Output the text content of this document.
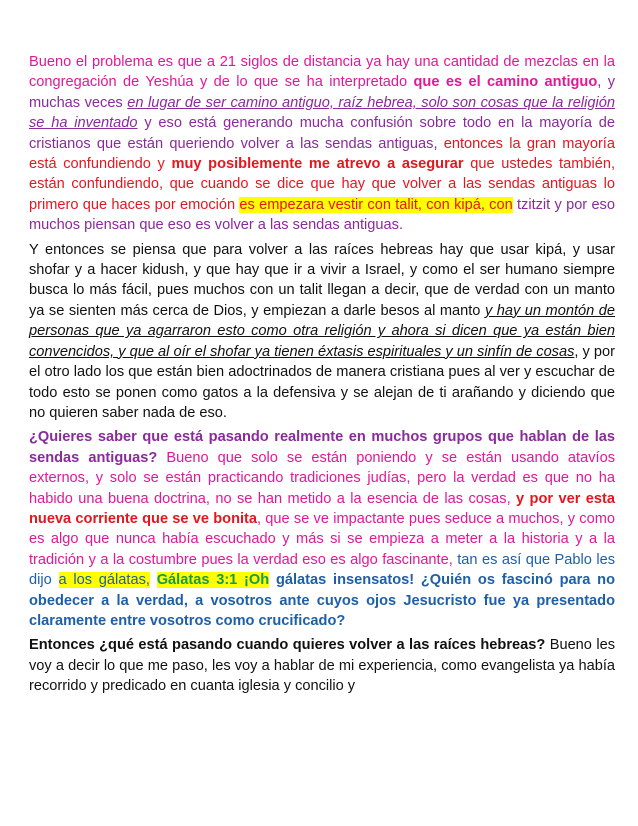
Bueno el problema es que a 21 siglos de distancia ya hay una cantidad de mezclas en la congregación de Yeshúa y de lo que se ha interpretado que es el camino antiguo, y muchas veces en lugar de ser camino antiguo, raíz hebrea, solo son cosas que la religión se ha inventado y eso está generando mucha confusión sobre todo en la mayoría de cristianos que están queriendo volver a las sendas antiguas, entonces la gran mayoría está confundiendo y muy posiblemente me atrevo a asegurar que ustedes también, están confundiendo, que cuando se dice que hay que volver a las sendas antiguas lo primero que haces por emoción es empezara vestir con talit, con kipá, con tzitzit y por eso muchos piensan que eso es volver a las sendas antiguas.

Y entonces se piensa que para volver a las raíces hebreas hay que usar kipá, y usar shofar y a hacer kidush, y que hay que ir a vivir a Israel, y como el ser humano siempre busca lo más fácil, pues muchos con un talit llegan a decir, que de verdad con un manto ya se sienten más cerca de Dios, y empiezan a darle besos al manto y hay un montón de personas que ya agarraron esto como otra religión y ahora si dicen que ya están bien convencidos, y que al oír el shofar ya tienen éxtasis espirituales y un sinfín de cosas, y por el otro lado los que están bien adoctrinados de manera cristiana pues al ver y escuchar de todo esto se ponen como gatos a la defensiva y se alejan de ti arañando y diciendo que no quieren saber nada de eso.

¿Quieres saber que está pasando realmente en muchos grupos que hablan de las sendas antiguas? Bueno que solo se están poniendo y se están usando atavíos externos, y solo se están practicando tradiciones judías, pero la verdad es que no ha habido una buena doctrina, no se han metido a la esencia de las cosas, y por ver esta nueva corriente que se ve bonita, que se ve impactante pues seduce a muchos, y como es algo que nunca había escuchado y más si se empieza a meter a la historia y a la tradición y a la costumbre pues la verdad eso es algo fascinante, tan es así que Pablo les dijo a los gálatas, Gálatas 3:1 ¡Oh gálatas insensatos! ¿Quién os fascinó para no obedecer a la verdad, a vosotros ante cuyos ojos Jesucristo fue ya presentado claramente entre vosotros como crucificado?

Entonces ¿qué está pasando cuando quieres volver a las raíces hebreas? Bueno les voy a decir lo que me paso, les voy a hablar de mi experiencia, como evangelista ya había recorrido y predicado en cuanta iglesia y concilio y
